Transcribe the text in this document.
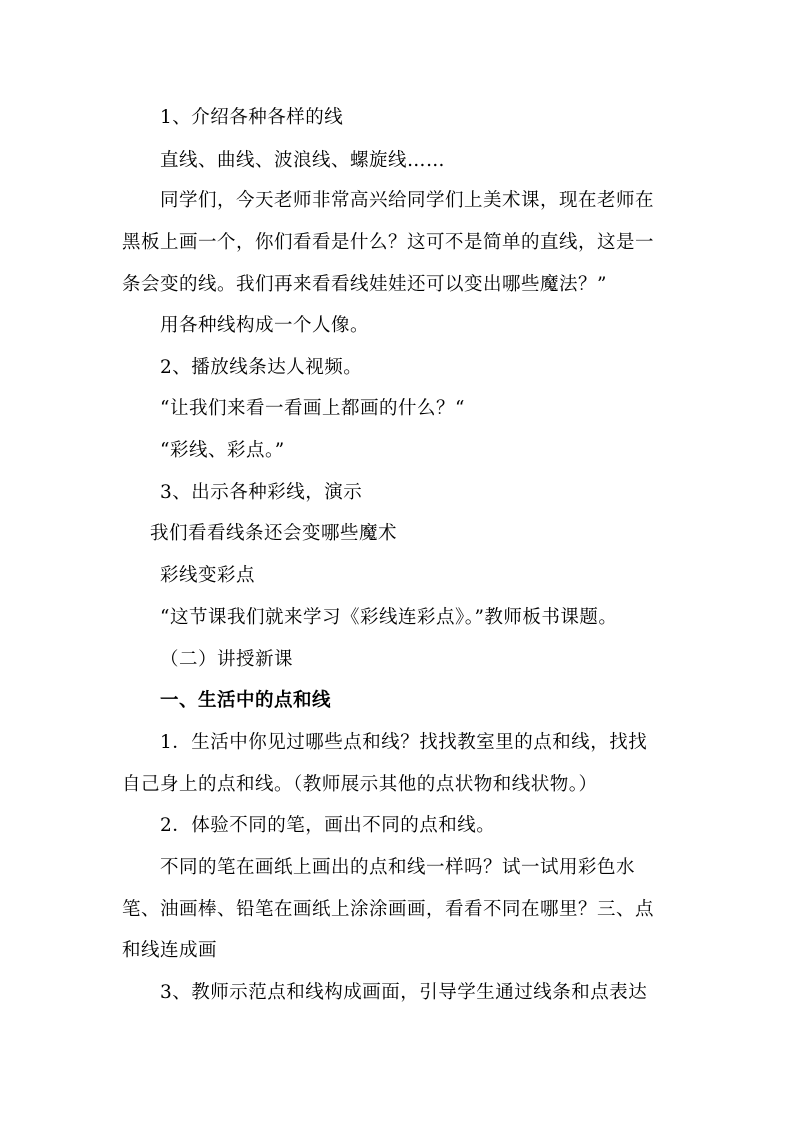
1、介绍各种各样的线
直线、曲线、波浪线、螺旋线……
同学们，今天老师非常高兴给同学们上美术课，现在老师在
黑板上画一个，你们看看是什么？这可不是简单的直线，这是一
条会变的线。我们再来看看线娃娃还可以变出哪些魔法？”
用各种线构成一个人像。
2、播放线条达人视频。
“让我们来看一看画上都画的什么？“
“彩线、彩点。”
3、出示各种彩线，演示
我们看看线条还会变哪些魔术
彩线变彩点
“这节课我们就来学习《彩线连彩点》。”教师板书课题。
（二）讲授新课
一、生活中的点和线
1．生活中你见过哪些点和线？找找教室里的点和线，找找
自己身上的点和线。（教师展示其他的点状物和线状物。）
2．体验不同的笔，画出不同的点和线。
不同的笔在画纸上画出的点和线一样吗？试一试用彩色水
笔、油画棒、铅笔在画纸上涂涂画画，看看不同在哪里？三、点
和线连成画
3、教师示范点和线构成画面，引导学生通过线条和点表达
